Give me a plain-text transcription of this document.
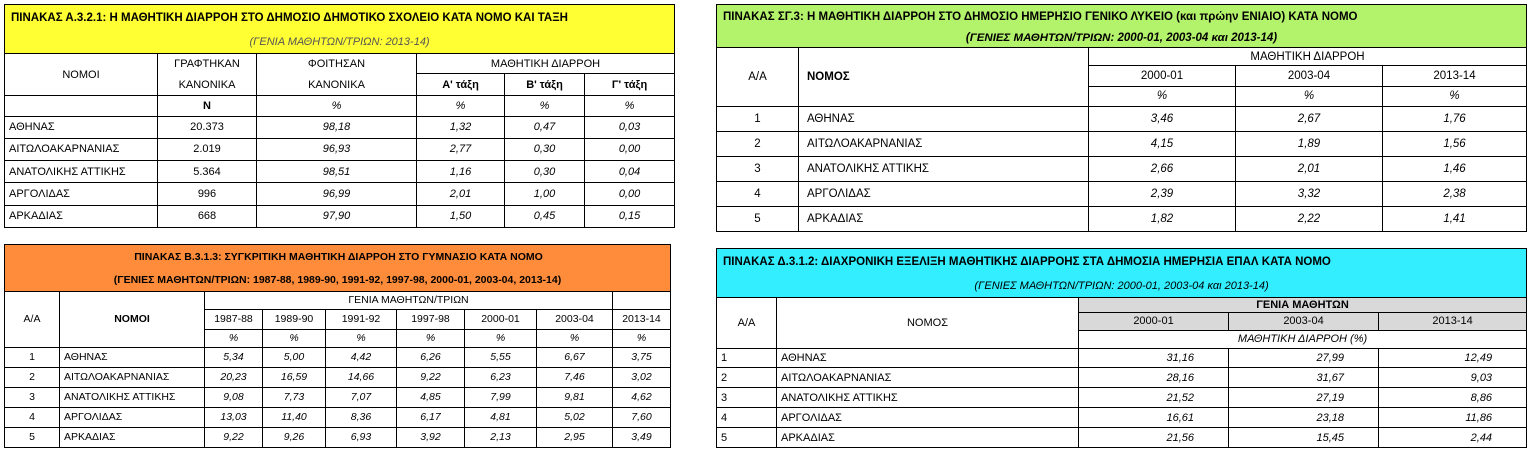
ΠΙΝΑΚΑΣ Α.3.2.1: Η ΜΑΘΗΤΙΚΗ ΔΙΑΡΡΟΗ ΣΤΟ ΔΗΜΟΣΙΟ ΔΗΜΟΤΙΚΟ ΣΧΟΛΕΙΟ ΚΑΤΑ ΝΟΜΟ ΚΑΙ ΤΑΞΗ					
(ΓΕΝΙΑ ΜΑΘΗΤΩΝ/ΤΡΙΩΝ: 2013-14)					
ΝΟΜΟΙ	ΓΡΑΦΤΗΚΑΝ	ΦΟΙΤΗΣΑΝ	ΜΑΘΗΤΙΚΗ ΔΙΑΡΡΟΗ		
	ΚΑΝΟΝΙΚΑ	ΚΑΝΟΝΙΚΑ	Α' τάξη	Β' τάξη	Γ' τάξη
	Ν	%	%	%	%
ΑΘΗΝΑΣ	20.373	98,18	1,32	0,47	0,03
ΑΙΤΩΛΟΑΚΑΡΝΑΝΙΑΣ	2.019	96,93	2,77	0,30	0,00
ΑΝΑΤΟΛΙΚΗΣ ΑΤΤΙΚΗΣ	5.364	98,51	1,16	0,30	0,04
ΑΡΓΟΛΙΔΑΣ	996	96,99	2,01	1,00	0,00
ΑΡΚΑΔΙΑΣ	668	97,90	1,50	0,45	0,15
ΠΙΝΑΚΑΣ ΣΓ.3: Η ΜΑΘΗΤΙΚΗ ΔΙΑΡΡΟΗ ΣΤΟ ΔΗΜΟΣΙΟ ΗΜΕΡΗΣΙΟ ΓΕΝΙΚΟ ΛΥΚΕΙΟ (και πρώην ΕΝΙΑΙΟ) ΚΑΤΑ ΝΟΜΟ				
(ΓΕΝΙΕΣ ΜΑΘΗΤΩΝ/ΤΡΙΩΝ: 2000-01, 2003-04 και 2013-14)				
Α/Α	ΝΟΜΟΣ	ΜΑΘΗΤΙΚΗ ΔΙΑΡΡΟΗ		
		2000-01	2003-04	2013-14
		%	%	%
1	ΑΘΗΝΑΣ	3,46	2,67	1,76
2	ΑΙΤΩΛΟΑΚΑΡΝΑΝΙΑΣ	4,15	1,89	1,56
3	ΑΝΑΤΟΛΙΚΗΣ ΑΤΤΙΚΗΣ	2,66	2,01	1,46
4	ΑΡΓΟΛΙΔΑΣ	2,39	3,32	2,38
5	ΑΡΚΑΔΙΑΣ	1,82	2,22	1,41
ΠΙΝΑΚΑΣ Β.3.1.3: ΣΥΓΚΡΙΤΙΚΗ ΜΑΘΗΤΙΚΗ ΔΙΑΡΡΟΗ ΣΤΟ ΓΥΜΝΑΣΙΟ ΚΑΤΑ ΝΟΜΟ								
(ΓΕΝΙΕΣ ΜΑΘΗΤΩΝ/ΤΡΙΩΝ: 1987-88, 1989-90, 1991-92, 1997-98, 2000-01, 2003-04, 2013-14)								
Α/Α	ΝΟΜΟΙ	ΓΕΝΙΑ ΜΑΘΗΤΩΝ/ΤΡΙΩΝ						
		1987-88	1989-90	1991-92	1997-98	2000-01	2003-04	2013-14
		%	%	%	%	%	%	%
1	ΑΘΗΝΑΣ	5,34	5,00	4,42	6,26	5,55	6,67	3,75
2	ΑΙΤΩΛΟΑΚΑΡΝΑΝΙΑΣ	20,23	16,59	14,66	9,22	6,23	7,46	3,02
3	ΑΝΑΤΟΛΙΚΗΣ ΑΤΤΙΚΗΣ	9,08	7,73	7,07	4,85	7,99	9,81	4,62
4	ΑΡΓΟΛΙΔΑΣ	13,03	11,40	8,36	6,17	4,81	5,02	7,60
5	ΑΡΚΑΔΙΑΣ	9,22	9,26	6,93	3,92	2,13	2,95	3,49
ΠΙΝΑΚΑΣ Δ.3.1.2: ΔΙΑΧΡΟΝΙΚΗ ΕΞΕΛΙΞΗ ΜΑΘΗΤΙΚΗΣ ΔΙΑΡΡΟΗΣ ΣΤΑ ΔΗΜΟΣΙΑ ΗΜΕΡΗΣΙΑ ΕΠΑΛ ΚΑΤΑ ΝΟΜΟ				
(ΓΕΝΙΕΣ ΜΑΘΗΤΩΝ/ΤΡΙΩΝ: 2000-01, 2003-04 και 2013-14)				
Α/Α	ΝΟΜΟΣ	ΓΕΝΙΑ ΜΑΘΗΤΩΝ		
		2000-01	2003-04	2013-14
		ΜΑΘΗΤΙΚΗ ΔΙΑΡΡΟΗ (%)		
1	ΑΘΗΝΑΣ	31,16	27,99	12,49
2	ΑΙΤΩΛΟΑΚΑΡΝΑΝΙΑΣ	28,16	31,67	9,03
3	ΑΝΑΤΟΛΙΚΗΣ ΑΤΤΙΚΗΣ	21,52	27,19	8,86
4	ΑΡΓΟΛΙΔΑΣ	16,61	23,18	11,86
5	ΑΡΚΑΔΙΑΣ	21,56	15,45	2,44
